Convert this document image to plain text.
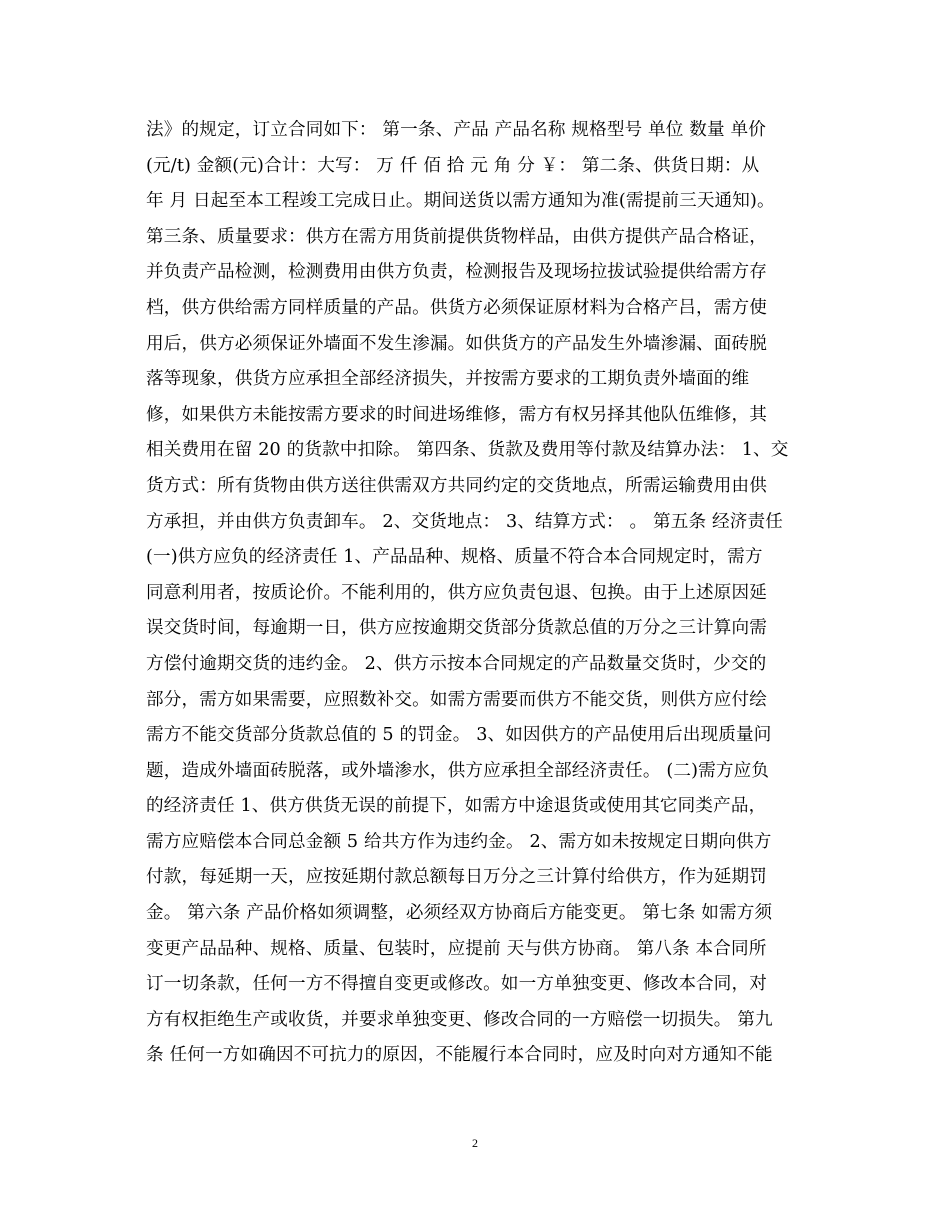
法》的规定，订立合同如下： 第一条、产品 产品名称 规格型号 单位 数量 单价
(元/t) 金额(元)合计：大写： 万 仟 佰 拾 元 角 分 ￥： 第二条、供货日期：从
年 月 日起至本工程竣工完成日止。期间送货以需方通知为准(需提前三天通知)。
第三条、质量要求：供方在需方用货前提供货物样品，由供方提供产品合格证，
并负责产品检测，检测费用由供方负责，检测报告及现场拉拔试验提供给需方存
档，供方供给需方同样质量的产品。供货方必须保证原材料为合格产吕，需方使
用后，供方必须保证外墙面不发生渗漏。如供货方的产品发生外墙渗漏、面砖脱
落等现象，供货方应承担全部经济损失，并按需方要求的工期负责外墙面的维
修，如果供方未能按需方要求的时间进场维修，需方有权另择其他队伍维修，其
相关费用在留 20 的货款中扣除。 第四条、货款及费用等付款及结算办法： 1、交
货方式：所有货物由供方送往供需双方共同约定的交货地点，所需运输费用由供
方承担，并由供方负责卸车。 2、交货地点： 3、结算方式： 。 第五条 经济责任
(一)供方应负的经济责任 1、产品品种、规格、质量不符合本合同规定时，需方
同意利用者，按质论价。不能利用的，供方应负责包退、包换。由于上述原因延
误交货时间，每逾期一日，供方应按逾期交货部分货款总值的万分之三计算向需
方偿付逾期交货的违约金。 2、供方示按本合同规定的产品数量交货时，少交的
部分，需方如果需要，应照数补交。如需方需要而供方不能交货，则供方应付绘
需方不能交货部分货款总值的 5 的罚金。 3、如因供方的产品使用后出现质量问
题，造成外墙面砖脱落，或外墙渗水，供方应承担全部经济责任。 (二)需方应负
的经济责任 1、供方供货无误的前提下，如需方中途退货或使用其它同类产品，
需方应赔偿本合同总金额 5 给共方作为违约金。 2、需方如未按规定日期向供方
付款，每延期一天，应按延期付款总额每日万分之三计算付给供方，作为延期罚
金。 第六条 产品价格如须调整，必须经双方协商后方能变更。 第七条 如需方须
变更产品品种、规格、质量、包装时，应提前 天与供方协商。 第八条 本合同所
订一切条款，任何一方不得擅自变更或修改。如一方单独变更、修改本合同，对
方有权拒绝生产或收货，并要求单独变更、修改合同的一方赔偿一切损失。 第九
条 任何一方如确因不可抗力的原因，不能履行本合同时，应及时向对方通知不能
2
